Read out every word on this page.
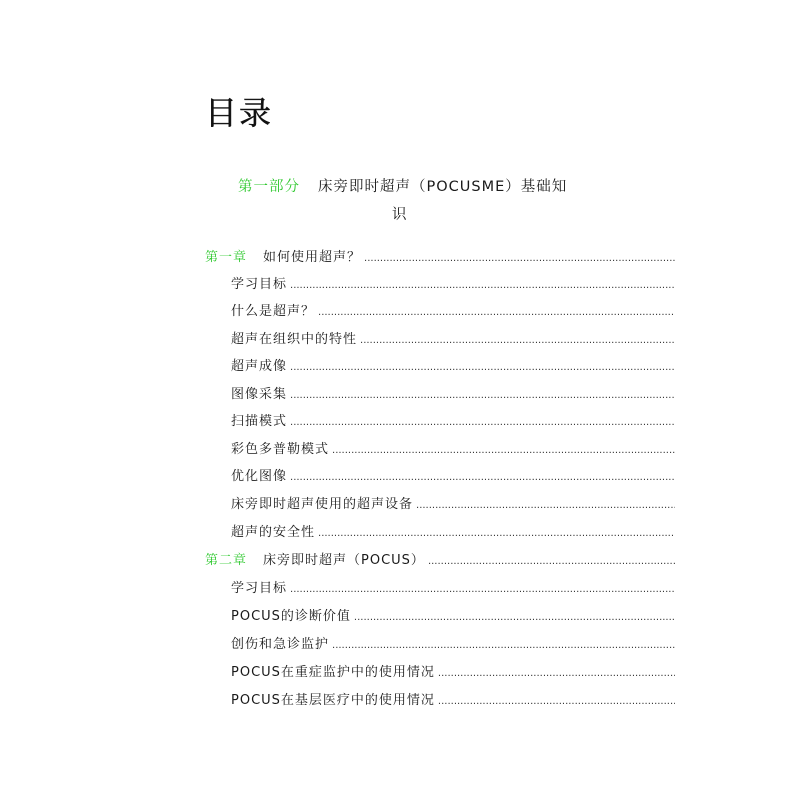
目录
第一部分 床旁即时超声（POCUSME）基础知
识
第一章 如何使用超声？
.....
学习目标
.....
什么是超声？
.....
超声在组织中的特性
.....
超声成像
.....
图像采集
.....
扫描模式
.....
彩色多普勒模式
.....
优化图像
.....
床旁即时超声使用的超声设备
.....
超声的安全性
.....
第二章 床旁即时超声（POCUS）
.....
学习目标
.....
POCUS的诊断价值
.....
创伤和急诊监护
.....
POCUS在重症监护中的使用情况
.....
POCUS在基层医疗中的使用情况
.....
